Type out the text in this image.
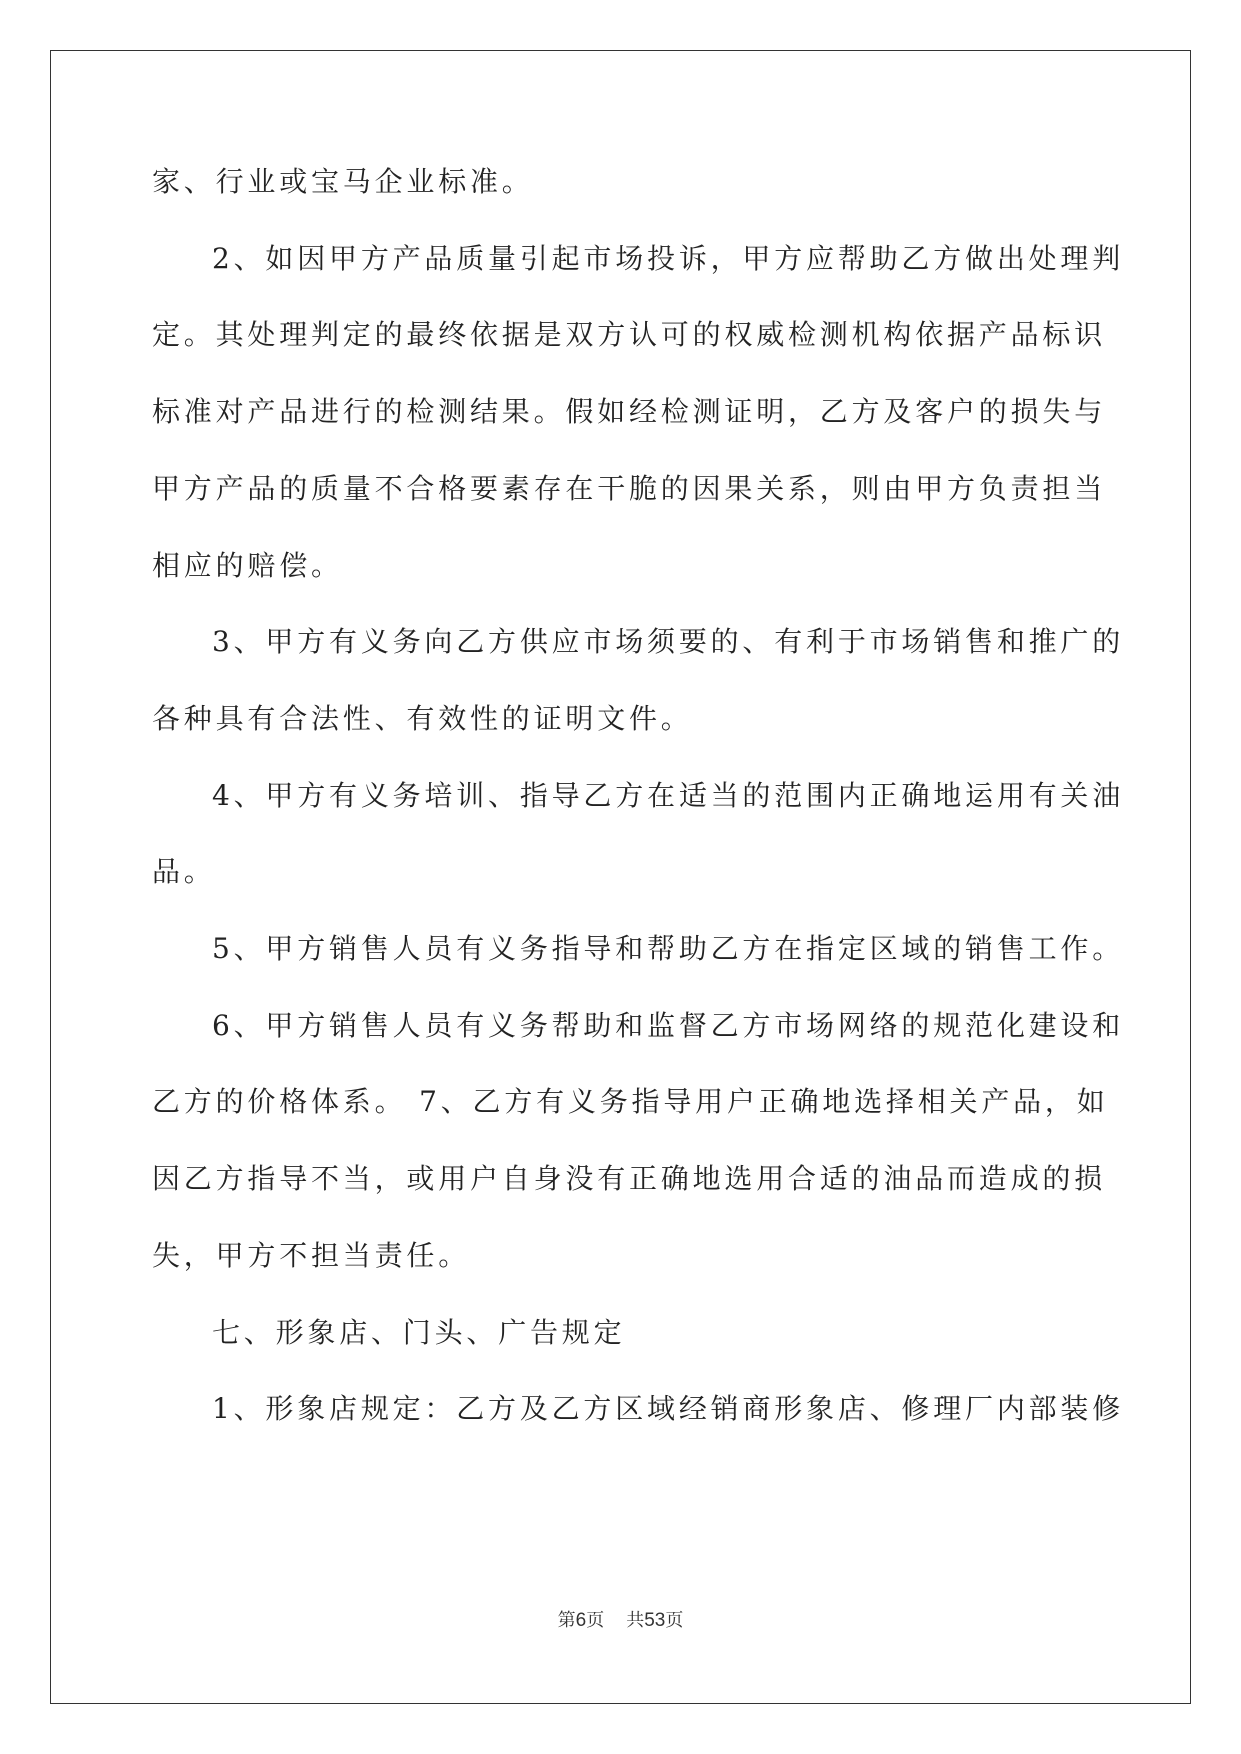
家、行业或宝马企业标准。
2、如因甲方产品质量引起市场投诉，甲方应帮助乙方做出处理判
定。其处理判定的最终依据是双方认可的权威检测机构依据产品标识
标准对产品进行的检测结果。假如经检测证明，乙方及客户的损失与
甲方产品的质量不合格要素存在干脆的因果关系，则由甲方负责担当
相应的赔偿。
3、甲方有义务向乙方供应市场须要的、有利于市场销售和推广的
各种具有合法性、有效性的证明文件。
4、甲方有义务培训、指导乙方在适当的范围内正确地运用有关油
品。
5、甲方销售人员有义务指导和帮助乙方在指定区域的销售工作。
6、甲方销售人员有义务帮助和监督乙方市场网络的规范化建设和
乙方的价格体系。 7、乙方有义务指导用户正确地选择相关产品，如
因乙方指导不当，或用户自身没有正确地选用合适的油品而造成的损
失，甲方不担当责任。
七、形象店、门头、广告规定
1、形象店规定：乙方及乙方区域经销商形象店、修理厂内部装修
第6页 共53页
